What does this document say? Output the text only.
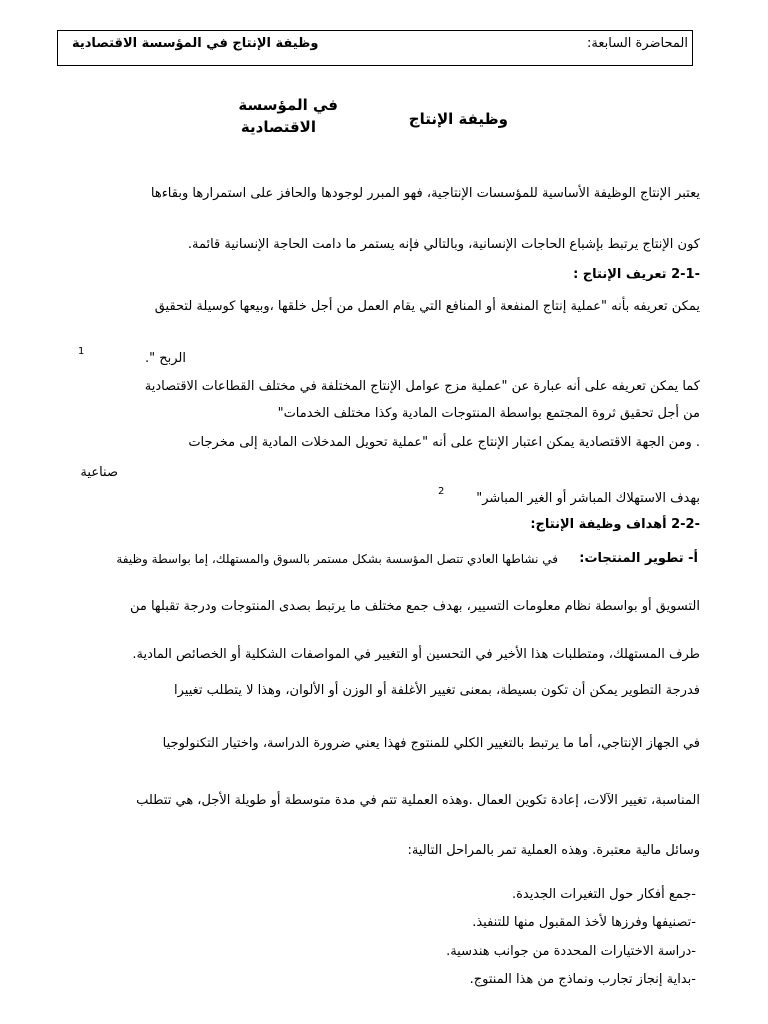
المحاضرة السابعة:
وظيفة الإنتاج في المؤسسة الاقتصادية
وظيفة الإنتاج
في المؤسسة
الاقتصادية
يعتبر الإنتاج الوظيفة الأساسية للمؤسسات الإنتاجية، فهو المبرر لوجودها والحافز على استمرارها وبقاءها
كون الإنتاج يرتبط بإشباع الحاجات الإنسانية، وبالتالي فإنه يستمر ما دامت الحاجة الإنسانية قائمة.
-2-1 تعريف الإنتاج :
يمكن تعريفه بأنه "عملية إنتاج المنفعة أو المنافع التي يقام العمل من أجل خلقها ،وبيعها كوسيلة لتحقيق
الربح ".
1
كما يمكن تعريفه على أنه عبارة عن "عملية مزج عوامل الإنتاج المختلفة في مختلف القطاعات الاقتصادية
من أجل تحقيق ثروة المجتمع بواسطة المنتوجات المادية وكذا مختلف الخدمات"
. ومن الجهة الاقتصادية يمكن اعتبار الإنتاج على أنه "عملية تحويل المدخلات المادية إلى مخرجات
صناعية
بهدف الاستهلاك المباشر أو الغير المباشر"
2
-2-2 أهداف وظيفة الإنتاج:
أ- تطوير المنتجات:
في نشاطها العادي تتصل المؤسسة بشكل مستمر بالسوق والمستهلك، إما بواسطة وظيفة
التسويق أو بواسطة نظام معلومات التسيير، بهدف جمع مختلف ما يرتبط بصدى المنتوجات ودرجة تقبلها من
طرف المستهلك، ومتطلبات هذا الأخير في التحسين أو التغيير في المواصفات الشكلية أو الخصائص المادية.
فدرجة التطوير يمكن أن تكون بسيطة، بمعنى تغيير الأغلفة أو الوزن أو الألوان، وهذا لا يتطلب تغييرا
في الجهاز الإنتاجي، أما ما يرتبط بالتغيير الكلي للمنتوج فهذا يعني ضرورة الدراسة، واختيار التكنولوجيا
المناسبة، تغيير الآلات، إعادة تكوين العمال .وهذه العملية تتم في مدة متوسطة أو طويلة الأجل، هي تتطلب
وسائل مالية معتبرة. وهذه العملية تمر بالمراحل التالية:
-جمع أفكار حول التغيرات الجديدة.
-تصنيفها وفرزها لأخذ المقبول منها للتنفيذ.
-دراسة الاختيارات المحددة من جوانب هندسية.
-بداية إنجاز تجارب ونماذج من هذا المنتوج.
